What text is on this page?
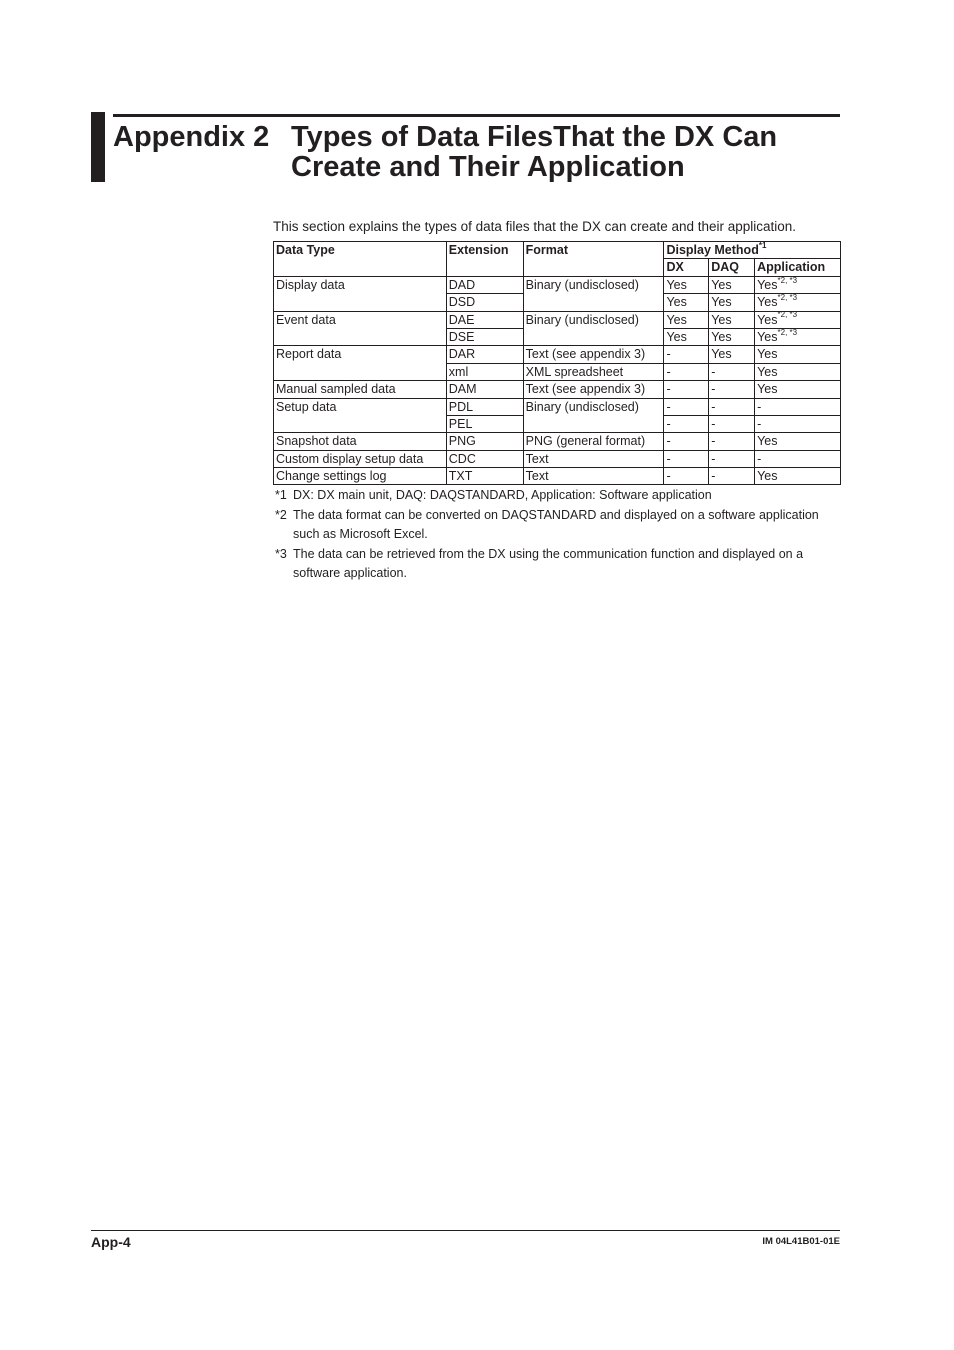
Appendix 2 Types of Data FilesThat the DX Can
Create and Their Application
This section explains the types of data files that the DX can create and their application.
Data Type	Extension	Format	Display Method$^{*1}$
			DX	DAQ	Application
Display data	DAD	Binary (undisclosed)	Yes	Yes	Yes$^{*2, *3}$
	DSD		Yes	Yes	Yes$^{*2, *3}$
Event data	DAE	Binary (undisclosed)	Yes	Yes	Yes$^{*2, *3}$
	DSE		Yes	Yes	Yes$^{*2, *3}$
Report data	DAR	Text (see appendix 3)	-	Yes	Yes
	xml	XML spreadsheet	-	-	Yes
Manual sampled data	DAM	Text (see appendix 3)	-	-	Yes
Setup data	PDL	Binary (undisclosed)	-	-	-
	PEL		-	-	-
Snapshot data	PNG	PNG (general format)	-	-	Yes
Custom display setup data	CDC	Text	-	-	-
Change settings log	TXT	Text	-	-	Yes
*1 DX: DX main unit, DAQ: DAQSTANDARD, Application: Software application
*2 The data format can be converted on DAQSTANDARD and displayed on a software application such as Microsoft Excel.
*3 The data can be retrieved from the DX using the communication function and displayed on a software application.
App-4	IM 04L41B01-01E
